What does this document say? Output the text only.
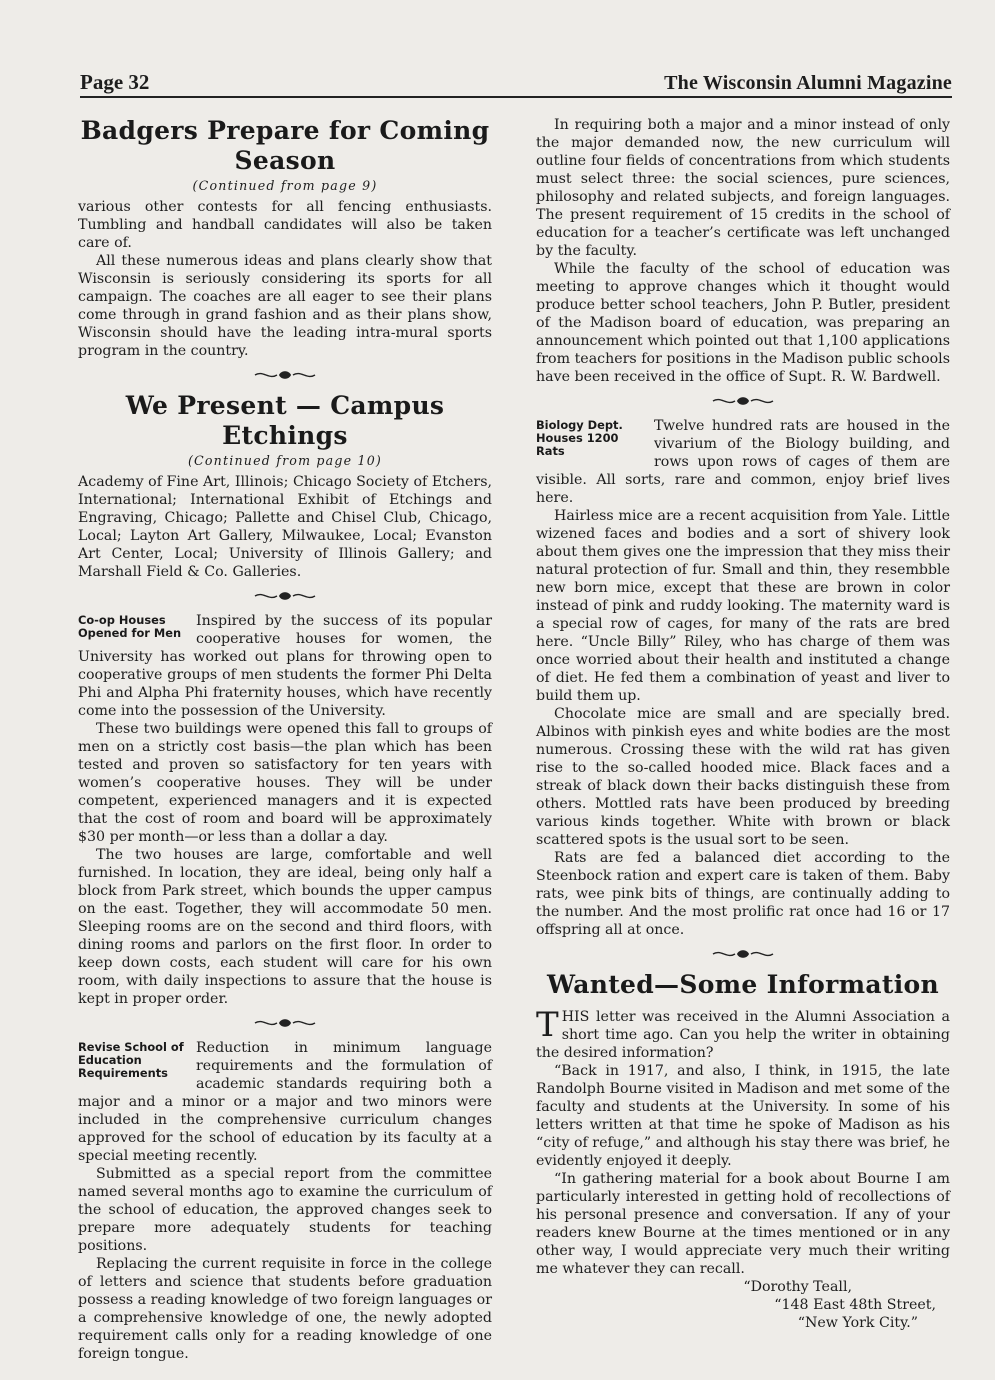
Page 32	The Wisconsin Alumni Magazine
Badgers Prepare for Coming Season
(Continued from page 9)

various other contests for all fencing enthusiasts. Tumbling and handball candidates will also be taken care of.

All these numerous ideas and plans clearly show that Wisconsin is seriously considering its sports for all campaign. The coaches are all eager to see their plans come through in grand fashion and as their plans show, Wisconsin should have the leading intra-mural sports program in the country.

We Present — Campus Etchings
(Continued from page 10)

Academy of Fine Art, Illinois; Chicago Society of Etchers, International; International Exhibit of Etchings and Engraving, Chicago; Pallette and Chisel Club, Chicago, Local; Layton Art Gallery, Milwaukee, Local; Evanston Art Center, Local; University of Illinois Gallery; and Marshall Field & Co. Galleries.

Co-op Houses Opened for Men

Inspired by the success of its popular cooperative houses for women, the University has worked out plans for throwing open to cooperative groups of men students the former Phi Delta Phi and Alpha Phi fraternity houses, which have recently come into the possession of the University.

These two buildings were opened this fall to groups of men on a strictly cost basis—the plan which has been tested and proven so satisfactory for ten years with women’s cooperative houses. They will be under competent, experienced managers and it is expected that the cost of room and board will be approximately $30 per month—or less than a dollar a day.

The two houses are large, comfortable and well furnished. In location, they are ideal, being only half a block from Park street, which bounds the upper campus on the east. Together, they will accommodate 50 men. Sleeping rooms are on the second and third floors, with dining rooms and parlors on the first floor. In order to keep down costs, each student will care for his own room, with daily inspections to assure that the house is kept in proper order.

Revise School of Education Requirements

Reduction in minimum language requirements and the formulation of academic standards requiring both a major and a minor or a major and two minors were included in the comprehensive curriculum changes approved for the school of education by its faculty at a special meeting recently.

Submitted as a special report from the committee named several months ago to examine the curriculum of the school of education, the approved changes seek to prepare more adequately students for teaching positions.

Replacing the current requisite in force in the college of letters and science that students before graduation possess a reading knowledge of two foreign languages or a comprehensive knowledge of one, the newly adopted requirement calls only for a reading knowledge of one foreign tongue.

In requiring both a major and a minor instead of only the major demanded now, the new curriculum will outline four fields of concentrations from which students must select three: the social sciences, pure sciences, philosophy and related subjects, and foreign languages. The present requirement of 15 credits in the school of education for a teacher’s certificate was left unchanged by the faculty.

While the faculty of the school of education was meeting to approve changes which it thought would produce better school teachers, John P. Butler, president of the Madison board of education, was preparing an announcement which pointed out that 1,100 applications from teachers for positions in the Madison public schools have been received in the office of Supt. R. W. Bardwell.

Biology Dept. Houses 1200 Rats

Twelve hundred rats are housed in the vivarium of the Biology building, and rows upon rows of cages of them are visible. All sorts, rare and common, enjoy brief lives here.

Hairless mice are a recent acquisition from Yale. Little wizened faces and bodies and a sort of shivery look about them gives one the impression that they miss their natural protection of fur. Small and thin, they resembble new born mice, except that these are brown in color instead of pink and ruddy looking. The maternity ward is a special row of cages, for many of the rats are bred here. “Uncle Billy” Riley, who has charge of them was once worried about their health and instituted a change of diet. He fed them a combination of yeast and liver to build them up.

Chocolate mice are small and are specially bred. Albinos with pinkish eyes and white bodies are the most numerous. Crossing these with the wild rat has given rise to the so-called hooded mice. Black faces and a streak of black down their backs distinguish these from others. Mottled rats have been produced by breeding various kinds together. White with brown or black scattered spots is the usual sort to be seen.

Rats are fed a balanced diet according to the Steenbock ration and expert care is taken of them. Baby rats, wee pink bits of things, are continually adding to the number. And the most prolific rat once had 16 or 17 offspring all at once.

Wanted—Some Information

THIS letter was received in the Alumni Association a short time ago. Can you help the writer in obtaining the desired information?

“Back in 1917, and also, I think, in 1915, the late Randolph Bourne visited in Madison and met some of the faculty and students at the University. In some of his letters written at that time he spoke of Madison as his “city of refuge,” and although his stay there was brief, he evidently enjoyed it deeply.

“In gathering material for a book about Bourne I am particularly interested in getting hold of recollections of his personal presence and conversation. If any of your readers knew Bourne at the times mentioned or in any other way, I would appreciate very much their writing me whatever they can recall.

“Dorothy Teall,
“148 East 48th Street,
“New York City.”
